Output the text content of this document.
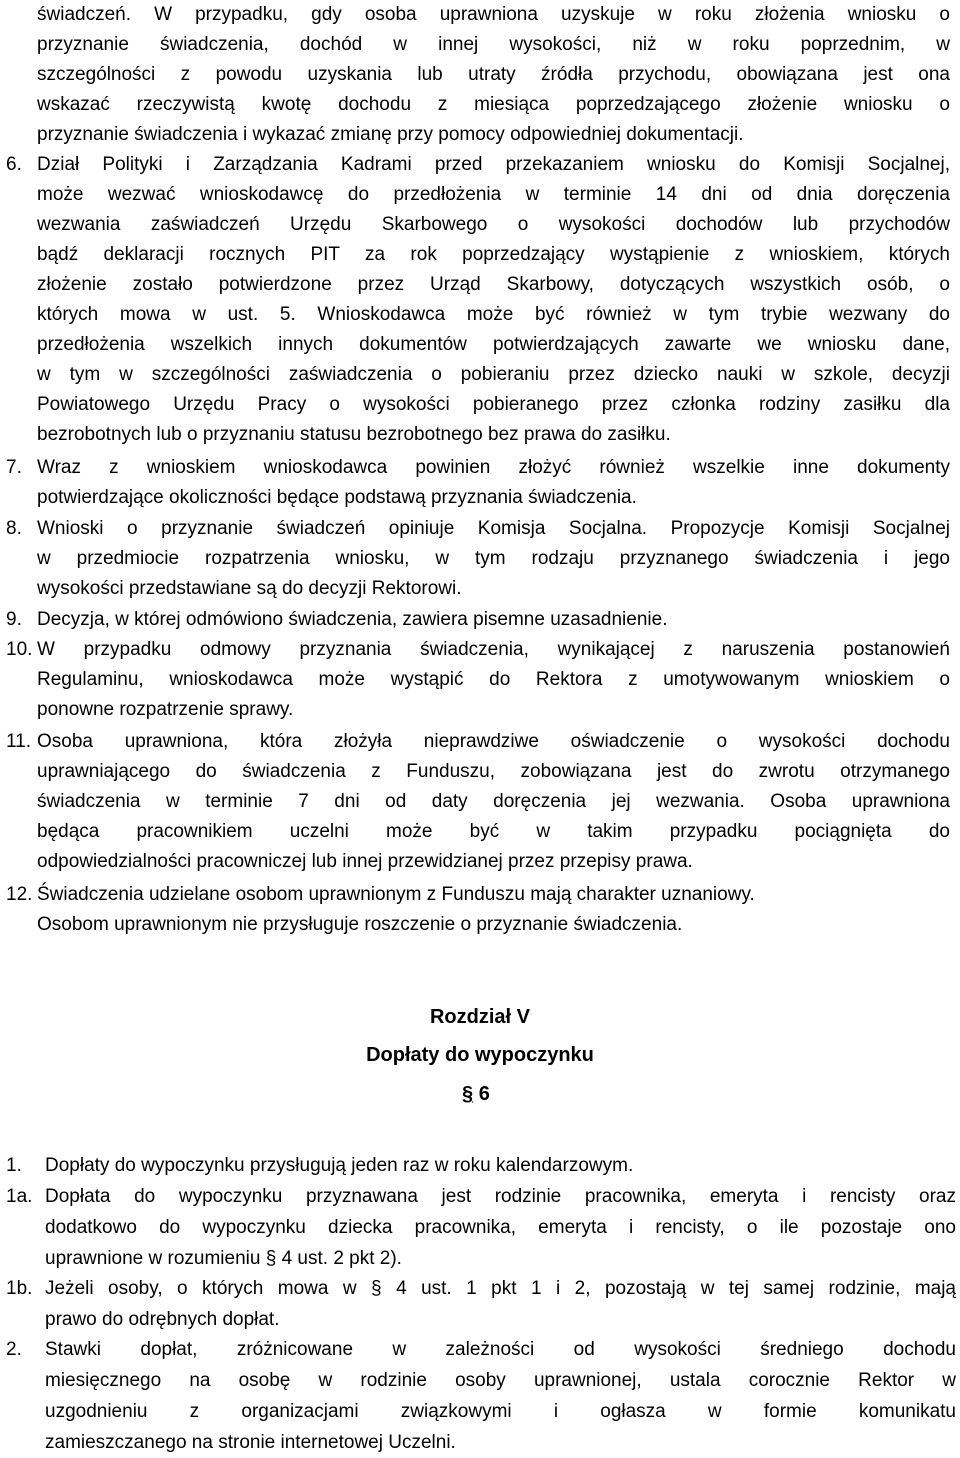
świadczeń. W przypadku, gdy osoba uprawniona uzyskuje w roku złożenia wniosku o

przyznanie świadczenia, dochód w innej wysokości, niż w roku poprzednim, w

szczególności z powodu uzyskania lub utraty źródła przychodu, obowiązana jest ona

wskazać rzeczywistą kwotę dochodu z miesiąca poprzedzającego złożenie wniosku o

przyznanie świadczenia i wykazać zmianę przy pomocy odpowiedniej dokumentacji.

6. Dział Polityki i Zarządzania Kadrami przed przekazaniem wniosku do Komisji Socjalnej,

może wezwać wnioskodawcę do przedłożenia w terminie 14 dni od dnia doręczenia

wezwania zaświadczeń Urzędu Skarbowego o wysokości dochodów lub przychodów

bądź deklaracji rocznych PIT za rok poprzedzający wystąpienie z wnioskiem, których

złożenie zostało potwierdzone przez Urząd Skarbowy, dotyczących wszystkich osób, o

których mowa w ust. 5. Wnioskodawca może być również w tym trybie wezwany do

przedłożenia wszelkich innych dokumentów potwierdzających zawarte we wniosku dane,

w tym w szczególności zaświadczenia o pobieraniu przez dziecko nauki w szkole, decyzji

Powiatowego Urzędu Pracy o wysokości pobieranego przez członka rodziny zasiłku dla

bezrobotnych lub o przyznaniu statusu bezrobotnego bez prawa do zasiłku.

7. Wraz z wnioskiem wnioskodawca powinien złożyć również wszelkie inne dokumenty

potwierdzające okoliczności będące podstawą przyznania świadczenia.

8. Wnioski o przyznanie świadczeń opiniuje Komisja Socjalna. Propozycje Komisji Socjalnej

w przedmiocie rozpatrzenia wniosku, w tym rodzaju przyznanego świadczenia i jego

wysokości przedstawiane są do decyzji Rektorowi.

9. Decyzja, w której odmówiono świadczenia, zawiera pisemne uzasadnienie.

10. W przypadku odmowy przyznania świadczenia, wynikającej z naruszenia postanowień

Regulaminu, wnioskodawca może wystąpić do Rektora z umotywowanym wnioskiem o

ponowne rozpatrzenie sprawy.

11. Osoba uprawniona, która złożyła nieprawdziwe oświadczenie o wysokości dochodu

uprawniającego do świadczenia z Funduszu, zobowiązana jest do zwrotu otrzymanego

świadczenia w terminie 7 dni od daty doręczenia jej wezwania. Osoba uprawniona

będąca pracownikiem uczelni może być w takim przypadku pociągnięta do

odpowiedzialności pracowniczej lub innej przewidzianej przez przepisy prawa.

12. Świadczenia udzielane osobom uprawnionym z Funduszu mają charakter uznaniowy.

Osobom uprawnionym nie przysługuje roszczenie o przyznanie świadczenia.

Rozdział V
Dopłaty do wypoczynku
§ 6
1. Dopłaty do wypoczynku przysługują jeden raz w roku kalendarzowym.

1a. Dopłata do wypoczynku przyznawana jest rodzinie pracownika, emeryta i rencisty oraz

dodatkowo do wypoczynku dziecka pracownika, emeryta i rencisty, o ile pozostaje ono

uprawnione w rozumieniu § 4 ust. 2 pkt 2).

1b. Jeżeli osoby, o których mowa w § 4 ust. 1 pkt 1 i 2, pozostają w tej samej rodzinie, mają

prawo do odrębnych dopłat.

2. Stawki dopłat, zróżnicowane w zależności od wysokości średniego dochodu

miesięcznego na osobę w rodzinie osoby uprawnionej, ustala corocznie Rektor w

uzgodnieniu z organizacjami związkowymi i ogłasza w formie komunikatu

zamieszczanego na stronie internetowej Uczelni.
